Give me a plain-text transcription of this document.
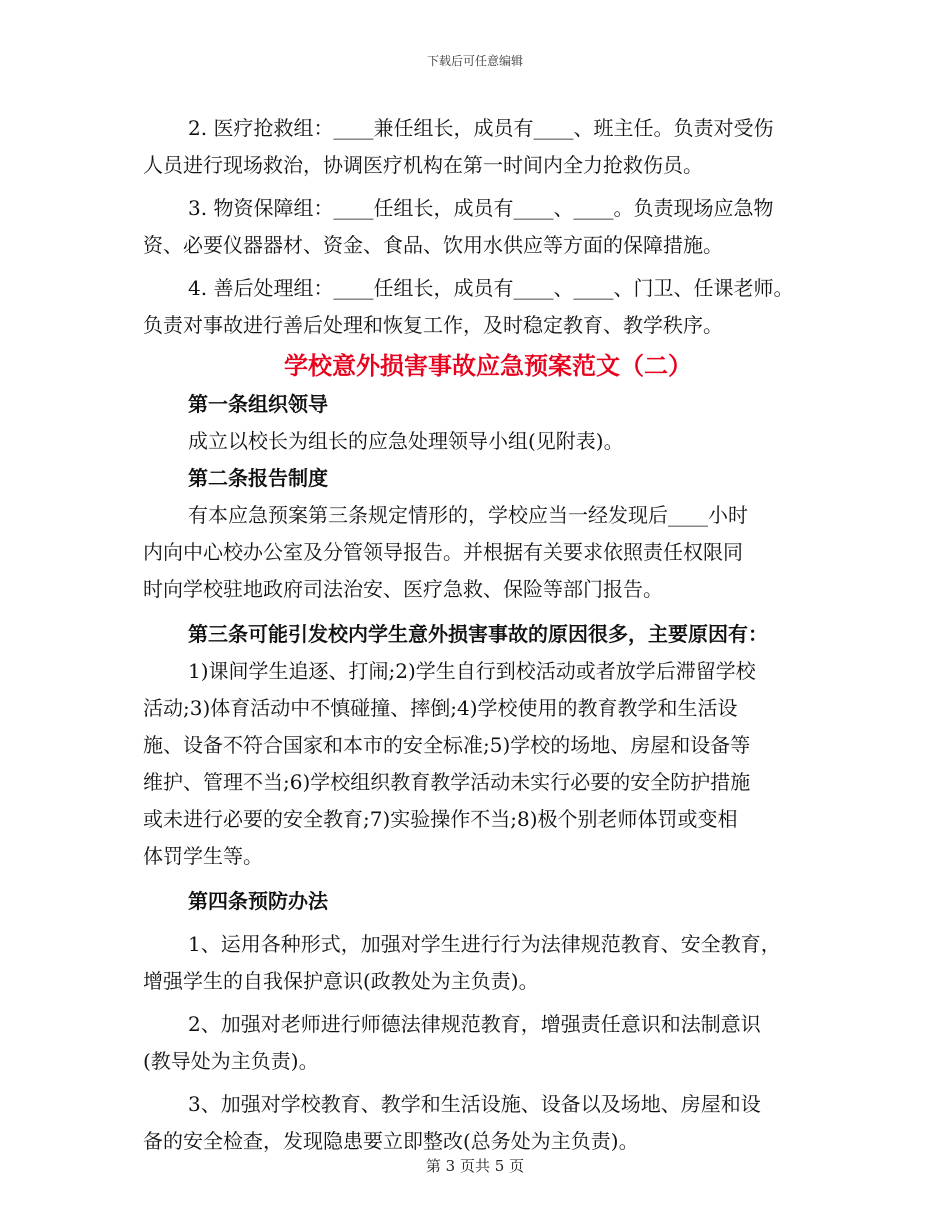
下载后可任意编辑

2. 医疗抢救组：____兼任组长，成员有____、班主任。负责对受伤

人员进行现场救治，协调医疗机构在第一时间内全力抢救伤员。

3. 物资保障组：____任组长，成员有____、____。负责现场应急物

资、必要仪器器材、资金、食品、饮用水供应等方面的保障措施。

4. 善后处理组：____任组长，成员有____、____、门卫、任课老师。

负责对事故进行善后处理和恢复工作，及时稳定教育、教学秩序。

学校意外损害事故应急预案范文（二）

第一条组织领导

成立以校长为组长的应急处理领导小组(见附表)。

第二条报告制度

有本应急预案第三条规定情形的，学校应当一经发现后____小时

内向中心校办公室及分管领导报告。并根据有关要求依照责任权限同

时向学校驻地政府司法治安、医疗急救、保险等部门报告。

第三条可能引发校内学生意外损害事故的原因很多，主要原因有：

1)课间学生追逐、打闹;2)学生自行到校活动或者放学后滞留学校

活动;3)体育活动中不慎碰撞、摔倒;4)学校使用的教育教学和生活设

施、设备不符合国家和本市的安全标准;5)学校的场地、房屋和设备等

维护、管理不当;6)学校组织教育教学活动未实行必要的安全防护措施

或未进行必要的安全教育;7)实验操作不当;8)极个别老师体罚或变相

体罚学生等。

第四条预防办法

1、运用各种形式，加强对学生进行行为法律规范教育、安全教育，

增强学生的自我保护意识(政教处为主负责)。

2、加强对老师进行师德法律规范教育，增强责任意识和法制意识

(教导处为主负责)。

3、加强对学校教育、教学和生活设施、设备以及场地、房屋和设

备的安全检查，发现隐患要立即整改(总务处为主负责)。

第 3 页共 5 页
